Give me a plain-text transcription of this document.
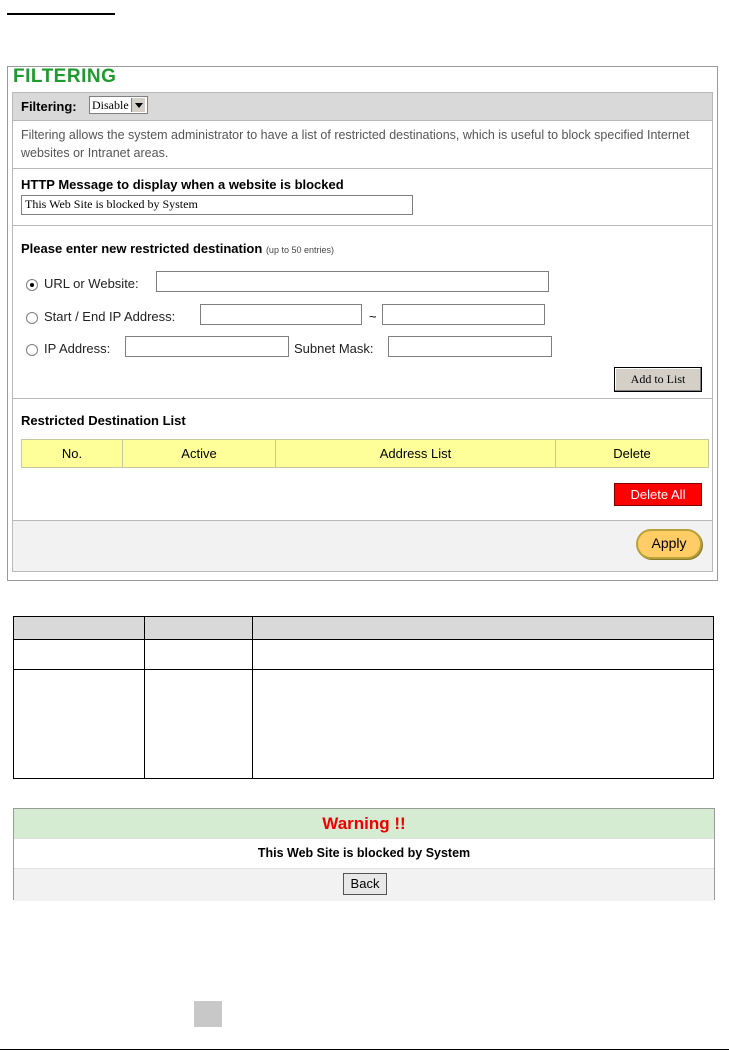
FILTERING
Filtering: Disable
Filtering allows the system administrator to have a list of restricted destinations, which is useful to block specified Internet websites or Intranet areas.
HTTP Message to display when a website is blocked
This Web Site is blocked by System
Please enter new restricted destination (up to 50 entries)
URL or Website:
Start / End IP Address:	~
IP Address:	Subnet Mask:
Add to List
Restricted Destination List
No.	Active	Address List	Delete
Delete All
Apply

Warning !!
This Web Site is blocked by System
Back
